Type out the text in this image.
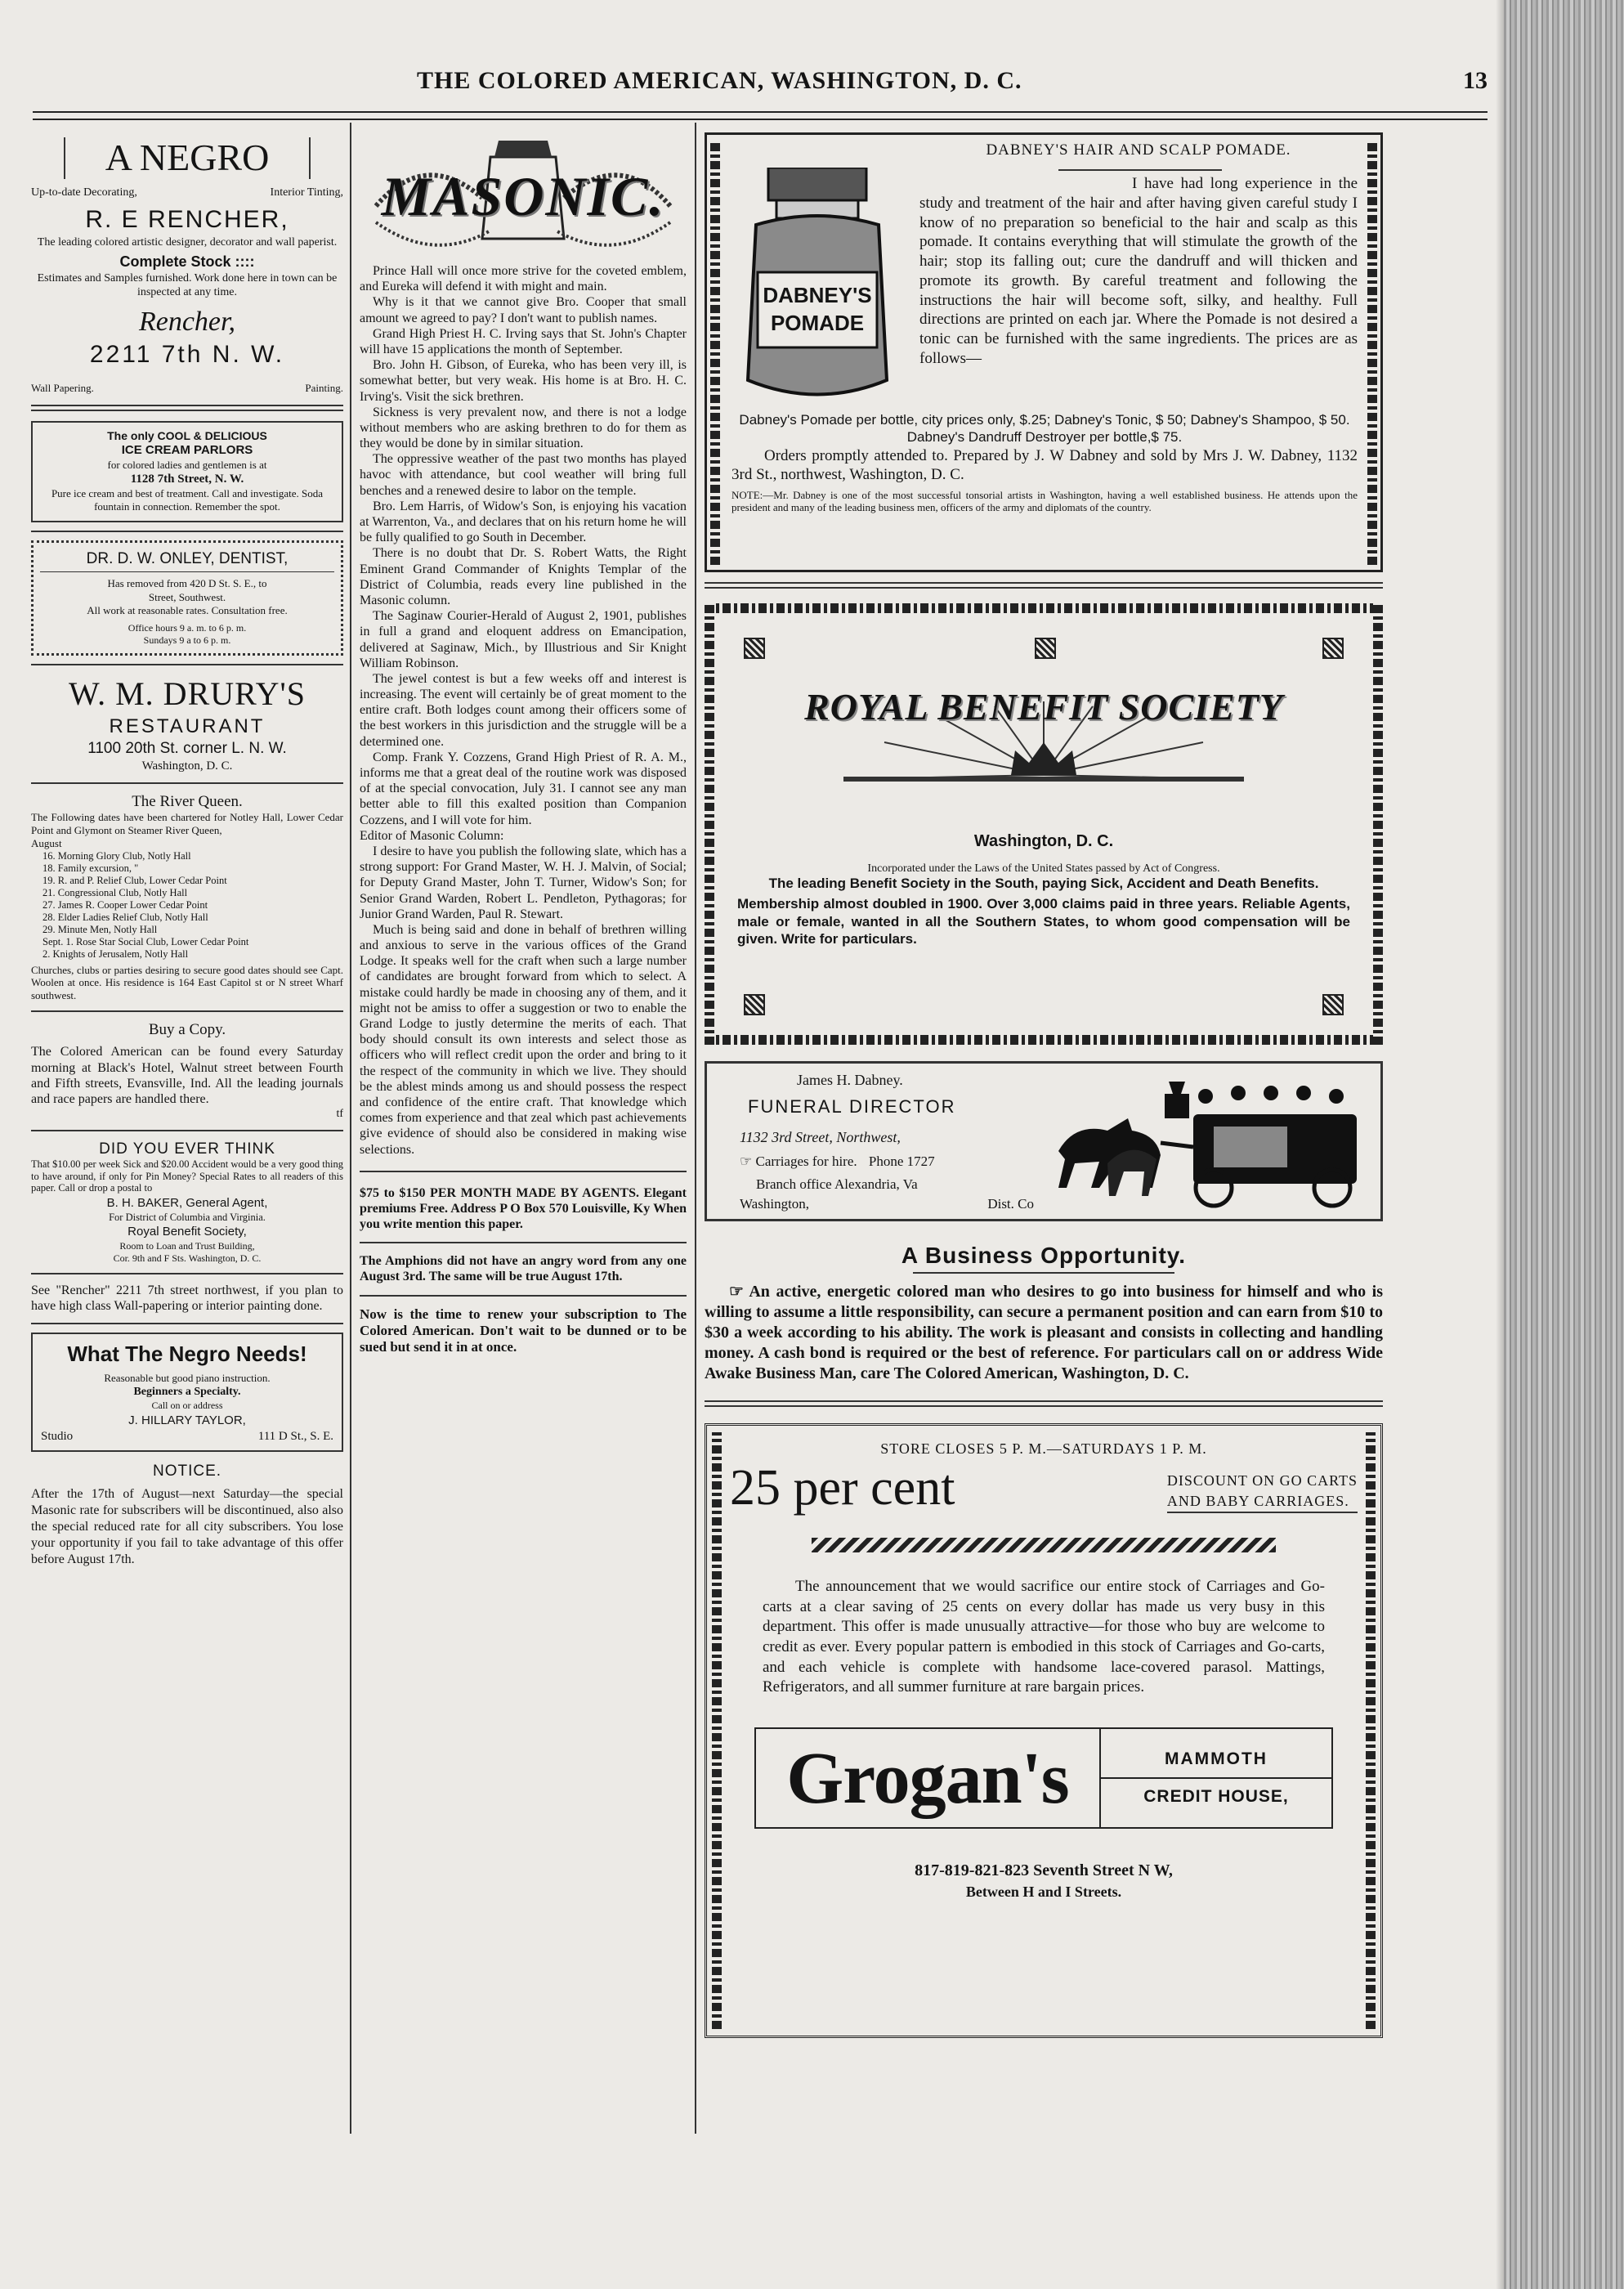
THE COLORED AMERICAN, WASHINGTON, D. C.	13
A NEGRO
Up-to-date Decorating,	Interior Tinting,
R. E RENCHER,
The leading colored artistic designer, decorator and wall paperist.
Complete Stock ::::
Estimates and Samples furnished. Work done here in town can be inspected at any time.
Rencher,
2211 7th N. W.
Wall Papering.	Painting.
The only COOL & DELICIOUS
ICE CREAM PARLORS
for colored ladies and gentlemen is at
1128 7th Street, N. W.
Pure ice cream and best of treatment. Call and investigate. Soda fountain in connection. Remember the spot.
DR. D. W. ONLEY, DENTIST,
Has removed from 420 D St. S. E., to
Street, Southwest.
All work at reasonable rates. Consultation free.
Office hours 9 a. m. to 6 p. m.
Sundays 9 a to 6 p. m.
W. M. DRURY'S
RESTAURANT
1100 20th St. corner L. N. W.
Washington, D. C.
The River Queen.
The Following dates have been chartered for Notley Hall, Lower Cedar Point and Glymont on Steamer River Queen,
August
16. Morning Glory Club, Notly Hall
18. Family excursion, "
19. R. and P. Relief Club, Lower Cedar Point
21. Congressional Club, Notly Hall
27. James R. Cooper Lower Cedar Point
28. Elder Ladies Relief Club, Notly Hall
29. Minute Men, Notly Hall
Sept. 1. Rose Star Social Club, Lower Cedar Point
2. Knights of Jerusalem, Notly Hall
Churches, clubs or parties desiring to secure good dates should see Capt. Woolen at once. His residence is 164 East Capitol st or N street Wharf southwest.
Buy a Copy.
The Colored American can be found every Saturday morning at Black's Hotel, Walnut street between Fourth and Fifth streets, Evansville, Ind. All the leading journals and race papers are handled there.
tf
DID YOU EVER THINK
That $10.00 per week Sick and $20.00 Accident would be a very good thing to have around, if only for Pin Money? Special Rates to all readers of this paper. Call or drop a postal to
B. H. BAKER, General Agent,
For District of Columbia and Virginia.
Royal Benefit Society,
Room to Loan and Trust Building,
Cor. 9th and F Sts. Washington, D. C.
See "Rencher" 2211 7th street northwest, if you plan to have high class Wall-papering or interior painting done.
What The Negro Needs!
Reasonable but good piano instruction.
Beginners a Specialty.
Call on or address
J. HILLARY TAYLOR,
Studio	111 D St., S. E.
NOTICE.
After the 17th of August—next Saturday—the special Masonic rate for subscribers will be discontinued, also also the special reduced rate for all city subscribers. You lose your opportunity if you fail to take advantage of this offer before August 17th.
MASONIC.

Prince Hall will once more strive for the coveted emblem, and Eureka will defend it with might and main.

Why is it that we cannot give Bro. Cooper that small amount we agreed to pay? I don't want to publish names.

Grand High Priest H. C. Irving says that St. John's Chapter will have 15 applications the month of September.

Bro. John H. Gibson, of Eureka, who has been very ill, is somewhat better, but very weak. His home is at Bro. H. C. Irving's. Visit the sick brethren.

Sickness is very prevalent now, and there is not a lodge without members who are asking brethren to do for them as they would be done by in similar situation.

The oppressive weather of the past two months has played havoc with attendance, but cool weather will bring full benches and a renewed desire to labor on the temple.

Bro. Lem Harris, of Widow's Son, is enjoying his vacation at Warrenton, Va., and declares that on his return home he will be fully qualified to go South in December.

There is no doubt that Dr. S. Robert Watts, the Right Eminent Grand Commander of Knights Templar of the District of Columbia, reads every line published in the Masonic column.

The Saginaw Courier-Herald of August 2, 1901, publishes in full a grand and eloquent address on Emancipation, delivered at Saginaw, Mich., by Illustrious and Sir Knight William Robinson.

The jewel contest is but a few weeks off and interest is increasing. The event will certainly be of great moment to the entire craft. Both lodges count among their officers some of the best workers in this jurisdiction and the struggle will be a determined one.

Comp. Frank Y. Cozzens, Grand High Priest of R. A. M., informs me that a great deal of the routine work was disposed of at the special convocation, July 31. I cannot see any man better able to fill this exalted position than Companion Cozzens, and I will vote for him.

Editor of Masonic Column:

I desire to have you publish the following slate, which has a strong support: For Grand Master, W. H. J. Malvin, of Social; for Deputy Grand Master, John T. Turner, Widow's Son; for Senior Grand Warden, Robert L. Pendleton, Pythagoras; for Junior Grand Warden, Paul R. Stewart.

Much is being said and done in behalf of brethren willing and anxious to serve in the various offices of the Grand Lodge. It speaks well for the craft when such a large number of candidates are brought forward from which to select. A mistake could hardly be made in choosing any of them, and it might not be amiss to offer a suggestion or two to enable the Grand Lodge to justly determine the merits of each. That body should consult its own interests and select those as officers who will reflect credit upon the order and bring to it the respect of the community in which we live. They should be the ablest minds among us and should possess the respect and confidence of the entire craft. That knowledge which comes from experience and that zeal which past achievements give evidence of should also be considered in making wise selections.

$75 to $150 PER MONTH MADE BY AGENTS. Elegant premiums Free. Address P O Box 570 Louisville, Ky When you write mention this paper.
The Amphions did not have an angry word from any one August 3rd. The same will be true August 17th.
Now is the time to renew your subscription to The Colored American. Don't wait to be dunned or to be sued but send it in at once.
DABNEY'S HAIR AND SCALP POMADE.
DABNEY'S
POMADE
I have had long experience in the study and treatment of the hair and after having given careful study I know of no preparation so beneficial to the hair and scalp as this pomade. It contains everything that will stimulate the growth of the hair; stop its falling out; cure the dandruff and will thicken and promote its growth. By careful treatment and following the instructions the hair will become soft, silky, and healthy. Full directions are printed on each jar. Where the Pomade is not desired a tonic can be furnished with the same ingredients. The prices are as follows—
Dabney's Pomade per bottle, city prices only, $.25; Dabney's Tonic, $ 50; Dabney's Shampoo, $ 50. Dabney's Dandruff Destroyer per bottle,$ 75.
Orders promptly attended to. Prepared by J. W Dabney and sold by Mrs J. W. Dabney, 1132 3rd St., northwest, Washington, D. C.
NOTE:—Mr. Dabney is one of the most successful tonsorial artists in Washington, having a well established business. He attends upon the president and many of the leading business men, officers of the army and diplomats of the country.
ROYAL BENEFIT SOCIETY
Washington, D. C.
Incorporated under the Laws of the United States passed by Act of Congress.
The leading Benefit Society in the South, paying Sick, Accident and Death Benefits.
Membership almost doubled in 1900. Over 3,000 claims paid in three years. Reliable Agents, male or female, wanted in all the Southern States, to whom good compensation will be given. Write for particulars.
James H. Dabney.
FUNERAL DIRECTOR
1132 3rd Street, Northwest,
☞ Carriages for hire. Phone 1727
Branch office Alexandria, Va
Washington,	Dist. Co
A Business Opportunity.
☞ An active, energetic colored man who desires to go into business for himself and who is willing to assume a little responsibility, can secure a permanent position and can earn from $10 to $30 a week according to his ability. The work is pleasant and consists in collecting and handling money. A cash bond is required or the best of reference. For particulars call on or address Wide Awake Business Man, care The Colored American, Washington, D. C.
STORE CLOSES 5 P. M.—SATURDAYS 1 P. M.
25 per cent	DISCOUNT ON GO CARTS
AND BABY CARRIAGES.
The announcement that we would sacrifice our entire stock of Carriages and Go-carts at a clear saving of 25 cents on every dollar has made us very busy in this department. This offer is made unusually attractive—for those who buy are welcome to credit as ever. Every popular pattern is embodied in this stock of Carriages and Go-carts, and each vehicle is complete with handsome lace-covered parasol. Mattings, Refrigerators, and all summer furniture at rare bargain prices.
Grogan's	MAMMOTH
CREDIT HOUSE,
817-819-821-823 Seventh Street N W,
Between H and I Streets.
